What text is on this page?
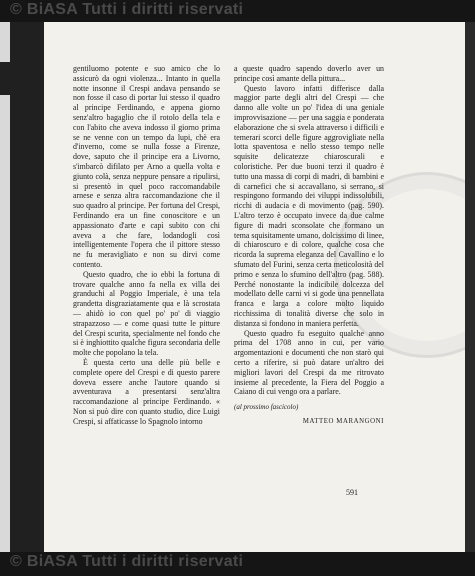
© BiASA Tutti i diritti riservati

gentiluomo potente e suo amico che lo assicurò da ogni violenza... Intanto in quella notte insonne il Crespi andava pensando se non fosse il caso di portar lui stesso il quadro al principe Ferdinando, e appena giorno senz'altro bagaglio che il rotolo della tela e con l'abito che aveva indosso il giorno prima se ne venne con un tempo da lupi, chè era d'inverno, come se nulla fosse a Firenze, dove, saputo che il principe era a Livorno, s'imbarcò difilato per Arno a quella volta e giunto colà, senza neppure pensare a ripulirsi, si presentò in quel poco raccomandabile arnese e senza altra raccomandazione che il suo quadro al principe. Per fortuna del Crespi, Ferdinando era un fine conoscitore e un appassionato d'arte e capì subito con chi aveva a che fare, lodandogli così intelligentemente l'opera che il pittore stesso ne fu meravigliato e non su dirvi come contento.

Questo quadro, che io ebbi la fortuna di trovare qualche anno fa nella ex villa dei granduchi al Poggio Imperiale, è una tela grandetta disgraziatamente qua e là scrostata — ahidò io con quel po' po' di viaggio strapazzoso — e come quasi tutte le pitture del Crespi scurita, specialmente nel fondo che si è inghiottito qualche figura secondaria delle molte che popolano la tela.

È questa certo una delle più belle e complete opere del Crespi e di questo parere doveva essere anche l'autore quando si avventurava a presentarsi senz'altra raccomandazione al principe Ferdinando. « Non si può dire con quanto studio, dice Luigi Crespi, si affaticasse lo Spagnolo intorno

a queste quadro sapendo doverlo aver un principe così amante della pittura...

Questo lavoro infatti differisce dalla maggior parte degli altri del Crespi — che danno alle volte un po' l'idea di una geniale improvvisazione — per una saggia e ponderata elaborazione che si svela attraverso i difficili e temerari scorci delle figure aggrovigliate nella lotta spaventosa e nello stesso tempo nelle squisite delicatezze chiaroscurali e coloristiche. Per due buoni terzi il quadro è tutto una massa di corpi di madri, di bambini e di carnefici che si accavallano, si serrano, si respingono formando dei viluppi indissolubili, ricchi di audacia e di movimento (pag. 590). L'altro terzo è occupato invece da due calme figure di madri sconsolate che formano un tema squisitamente umano, dolcissimo di linee, di chiaroscuro e di colore, qualche cosa che ricorda la suprema eleganza del Cavallino e lo sfumato del Furini, senza certa meticolosità del primo e senza lo sfumino dell'altro (pag. 588). Perché nonostante la indicibile dolcezza del modellato delle carni vi si gode una pennellata franca e larga a colore molto liquido ricchissima di tonalità diverse che solo in distanza si fondono in maniera perfetta.

Questo quadro fu eseguito qualche anno prima del 1708 anno in cui, per vario argomentazioni e documenti che non starò qui certo a riferire, si può datare un'altro dei migliori lavori del Crespi da me ritrovato insieme al precedente, la Fiera del Poggio a Caiano di cui vengo ora a parlare.

(al prossimo fascicolo)

MATTEO MARANGONI

591
© BiASA Tutti i diritti riservati
